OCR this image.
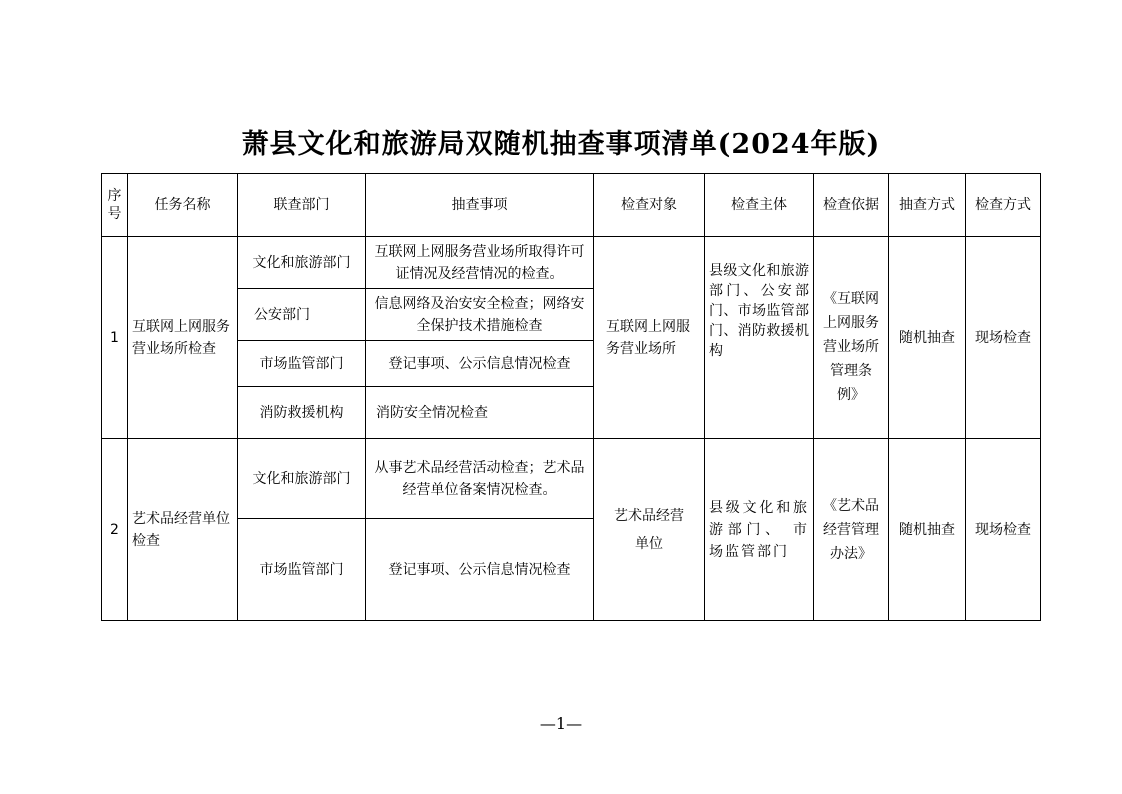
萧县文化和旅游局双随机抽查事项清单(2024年版)
序号	任务名称	联查部门	抽查事项	检查对象	检查主体	检查依据	抽查方式	检查方式
1	互联网上网服务营业场所检查	文化和旅游部门	互联网上网服务营业场所取得许可证情况及经营情况的检查。	互联网上网服 务营业场所	县级文化和旅游部门、公安部门、市场监管部门、消防救援机构	《互联网上网服务营业场所管理条例》	随机抽查	现场检查
		公安部门	信息网络及治安安全检查；网络安全保护技术措施检查					
		市场监管部门	登记事项、公示信息情况检查					
		消防救援机构	消防安全情况检查					
2	艺术品经营单位检查	文化和旅游部门	从事艺术品经营活动检查；艺术品经营单位备案情况检查。	艺术品经营单位	县级文化和旅游部门、 市场监管部门	《艺术品经营管理办法》	随机抽查	现场检查
		市场监管部门	登记事项、公示信息情况检查					
—1—
